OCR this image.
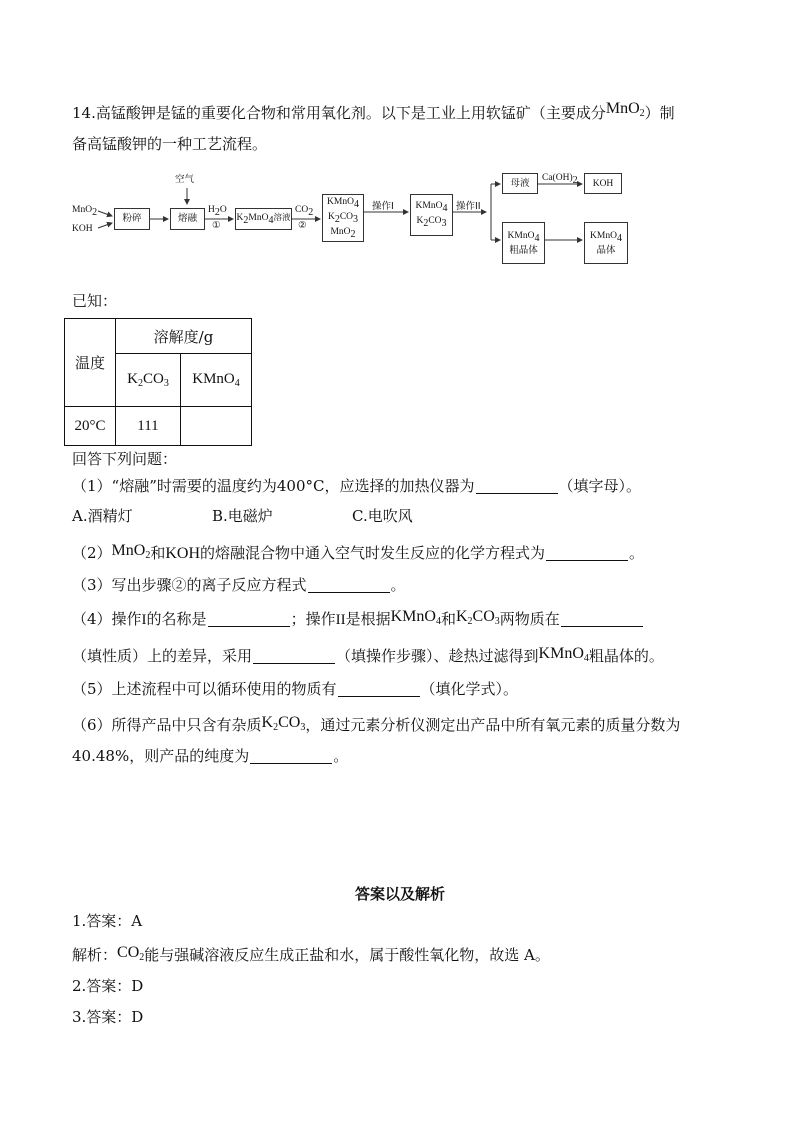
14.高锰酸钾是锰的重要化合物和常用氧化剂。以下是工业上用软锰矿（主要成分MnO$_2$）制
备高锰酸钾的一种工艺流程。
MnO$_2$
KOH
粉碎
空气
熔融
$H_2O$
①
$K_2MnO_4$溶液
$CO_2$
②
KMnO$_4$
$K_2CO_3$
MnO$_2$
操作I KMnO$_4$
$K_2CO_3$
操作II
母液 $Ca(OH)_2$ KOH
KMnO$_4$
粗晶体
KMnO$_4$
晶体
已知：
温度	溶解度/g	
	$K_2CO_3$	KMnO$_4$
20°C	111	
回答下列问题：
（1）“熔融”时需要的温度约为400°C，应选择的加热仪器为	（填字母）。
A.酒精灯	B.电磁炉	C.电吹风
（2）MnO$_2$和KOH的熔融混合物中通入空气时发生反应的化学方程式为	。
（3）写出步骤②的离子反应方程式	。
（4）操作I的名称是	；操作II是根据KMnO$_4$和$K_2CO_3$两物质在
（填性质）上的差异，采用	（填操作步骤）、趁热过滤得到KMnO$_4$粗晶体的。
（5）上述流程中可以循环使用的物质有	（填化学式）。
（6）所得产品中只含有杂质$K_2CO_3$，通过元素分析仪测定出产品中所有氧元素的质量分数为
40.48%，则产品的纯度为	。
答案以及解析
1.答案：A
解析：$CO_2$能与强碱溶液反应生成正盐和水，属于酸性氧化物，故选 A。
2.答案：D
3.答案：D
